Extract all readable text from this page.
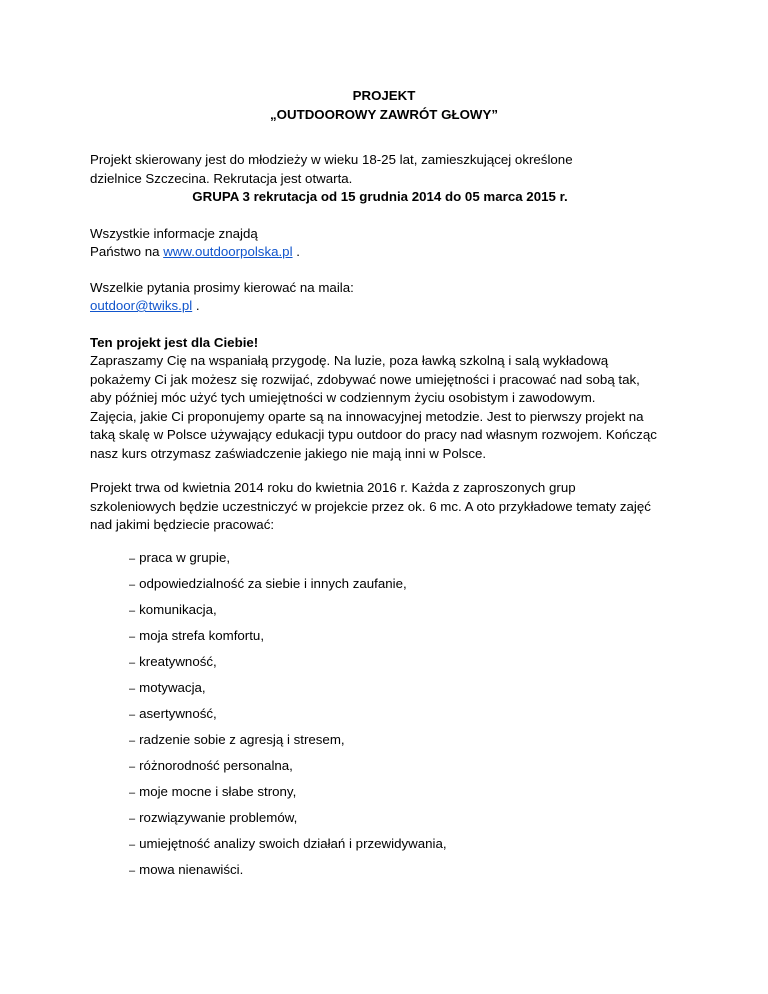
PROJEKT
„OUTDOOROWY ZAWRÓT GŁOWY”

Projekt skierowany jest do młodzieży w wieku 18-25 lat, zamieszkującej określone

dzielnice Szczecina. Rekrutacja jest otwarta.

GRUPA 3 rekrutacja od 15 grudnia 2014 do 05 marca 2015 r.

Wszystkie informacje znajdą

Państwo na www.outdoorpolska.pl .

Wszelkie pytania prosimy kierować na maila:

outdoor@twiks.pl .

Ten projekt jest dla Ciebie!

Zapraszamy Cię na wspaniałą przygodę. Na luzie, poza ławką szkolną i salą wykładową

pokażemy Ci jak możesz się rozwijać, zdobywać nowe umiejętności i pracować nad sobą tak,

aby później móc użyć tych umiejętności w codziennym życiu osobistym i zawodowym.

Zajęcia, jakie Ci proponujemy oparte są na innowacyjnej metodzie. Jest to pierwszy projekt na

taką skalę w Polsce używający edukacji typu outdoor do pracy nad własnym rozwojem. Kończąc

nasz kurs otrzymasz zaświadczenie jakiego nie mają inni w Polsce.

Projekt trwa od kwietnia 2014 roku do kwietnia 2016 r. Każda z zaproszonych grup

szkoleniowych będzie uczestniczyć w projekcie przez ok. 6 mc. A oto przykładowe tematy zajęć

nad jakimi będziecie pracować:

– praca w grupie,
– odpowiedzialność za siebie i innych zaufanie,
– komunikacja,
– moja strefa komfortu,
– kreatywność,
– motywacja,
– asertywność,
– radzenie sobie z agresją i stresem,
– różnorodność personalna,
– moje mocne i słabe strony,
– rozwiązywanie problemów,
– umiejętność analizy swoich działań i przewidywania,
– mowa nienawiści.
